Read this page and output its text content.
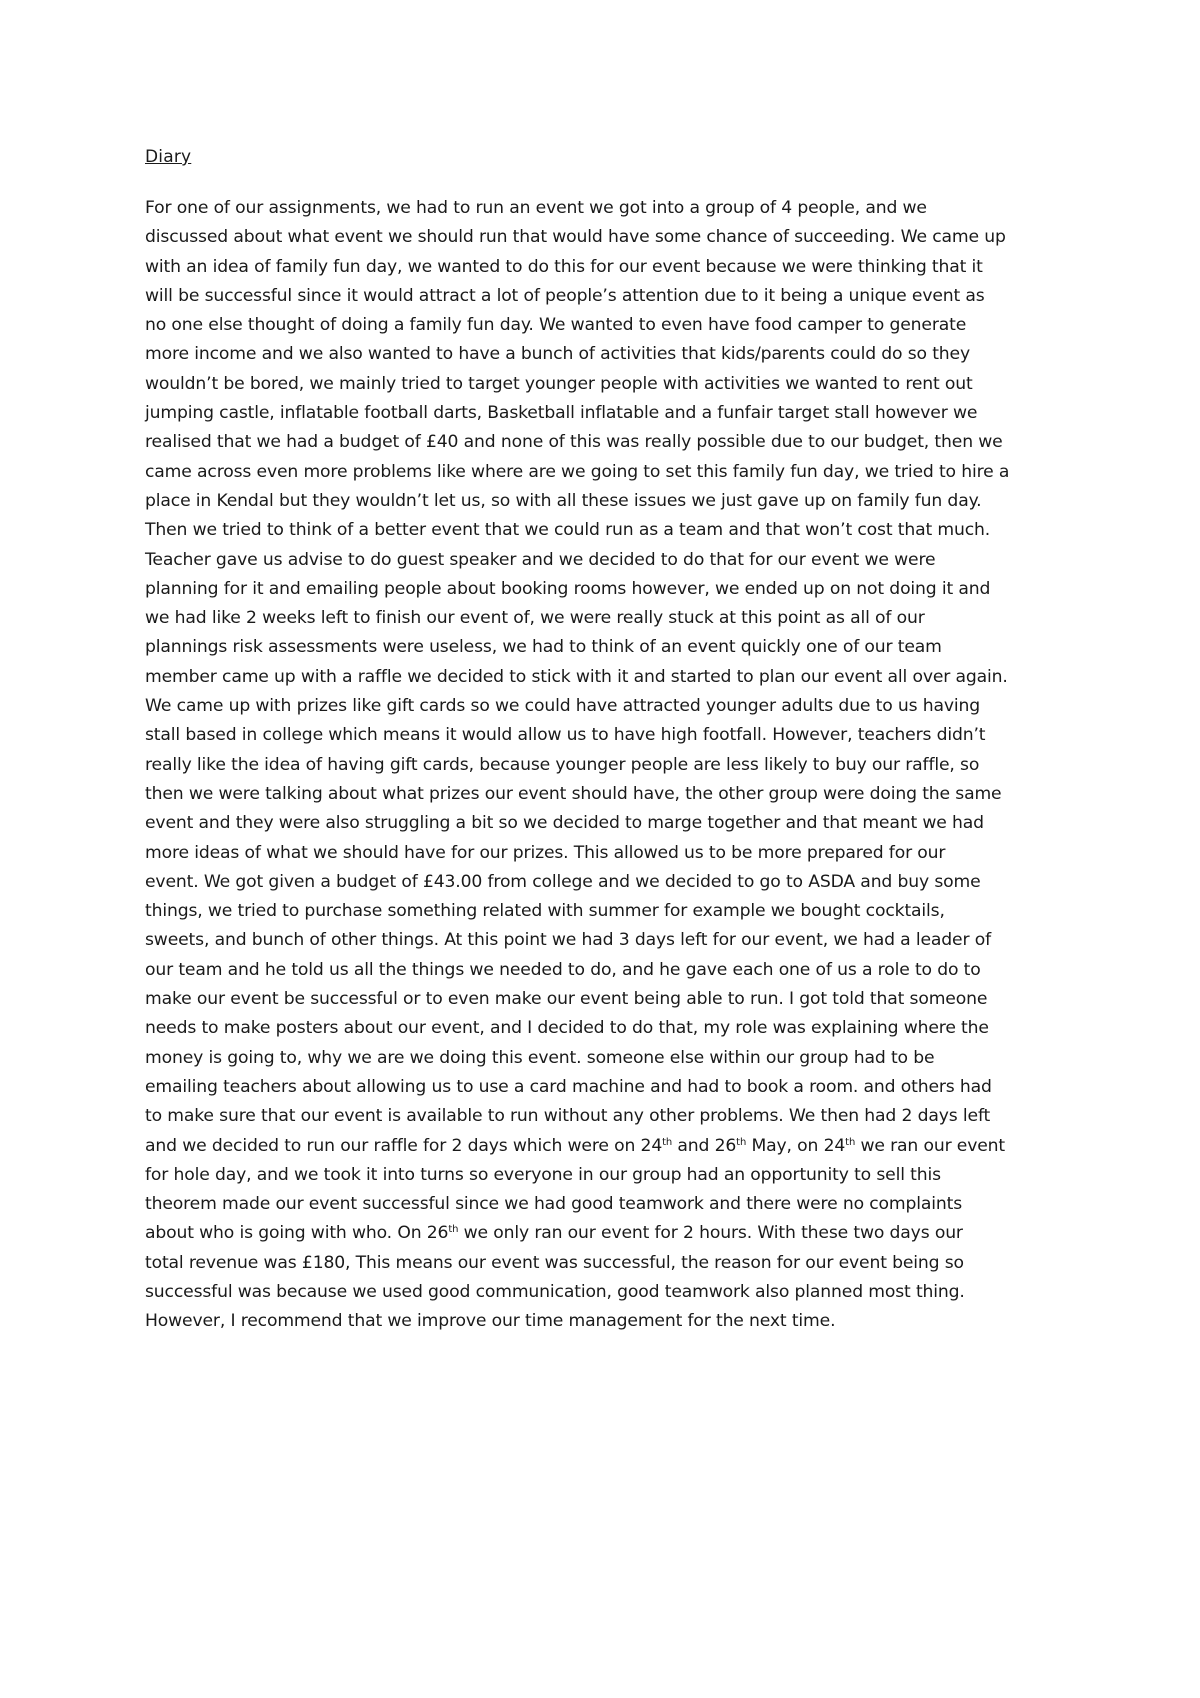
Diary
For one of our assignments, we had to run an event we got into a group of 4 people, and we
discussed about what event we should run that would have some chance of succeeding. We came up
with an idea of family fun day, we wanted to do this for our event because we were thinking that it
will be successful since it would attract a lot of people’s attention due to it being a unique event as
no one else thought of doing a family fun day. We wanted to even have food camper to generate
more income and we also wanted to have a bunch of activities that kids/parents could do so they
wouldn’t be bored, we mainly tried to target younger people with activities we wanted to rent out
jumping castle, inflatable football darts, Basketball inflatable and a funfair target stall however we
realised that we had a budget of £40 and none of this was really possible due to our budget, then we
came across even more problems like where are we going to set this family fun day, we tried to hire a
place in Kendal but they wouldn’t let us, so with all these issues we just gave up on family fun day.
Then we tried to think of a better event that we could run as a team and that won’t cost that much.
Teacher gave us advise to do guest speaker and we decided to do that for our event we were
planning for it and emailing people about booking rooms however, we ended up on not doing it and
we had like 2 weeks left to finish our event of, we were really stuck at this point as all of our
plannings risk assessments were useless, we had to think of an event quickly one of our team
member came up with a raffle we decided to stick with it and started to plan our event all over again.
We came up with prizes like gift cards so we could have attracted younger adults due to us having
stall based in college which means it would allow us to have high footfall. However, teachers didn’t
really like the idea of having gift cards, because younger people are less likely to buy our raffle, so
then we were talking about what prizes our event should have, the other group were doing the same
event and they were also struggling a bit so we decided to marge together and that meant we had
more ideas of what we should have for our prizes. This allowed us to be more prepared for our
event. We got given a budget of £43.00 from college and we decided to go to ASDA and buy some
things, we tried to purchase something related with summer for example we bought cocktails,
sweets, and bunch of other things. At this point we had 3 days left for our event, we had a leader of
our team and he told us all the things we needed to do, and he gave each one of us a role to do to
make our event be successful or to even make our event being able to run. I got told that someone
needs to make posters about our event, and I decided to do that, my role was explaining where the
money is going to, why we are we doing this event. someone else within our group had to be
emailing teachers about allowing us to use a card machine and had to book a room. and others had
to make sure that our event is available to run without any other problems. We then had 2 days left
and we decided to run our raffle for 2 days which were on 24th and 26th May, on 24th we ran our event
for hole day, and we took it into turns so everyone in our group had an opportunity to sell this
theorem made our event successful since we had good teamwork and there were no complaints
about who is going with who. On 26th we only ran our event for 2 hours. With these two days our
total revenue was £180, This means our event was successful, the reason for our event being so
successful was because we used good communication, good teamwork also planned most thing.
However, I recommend that we improve our time management for the next time.
